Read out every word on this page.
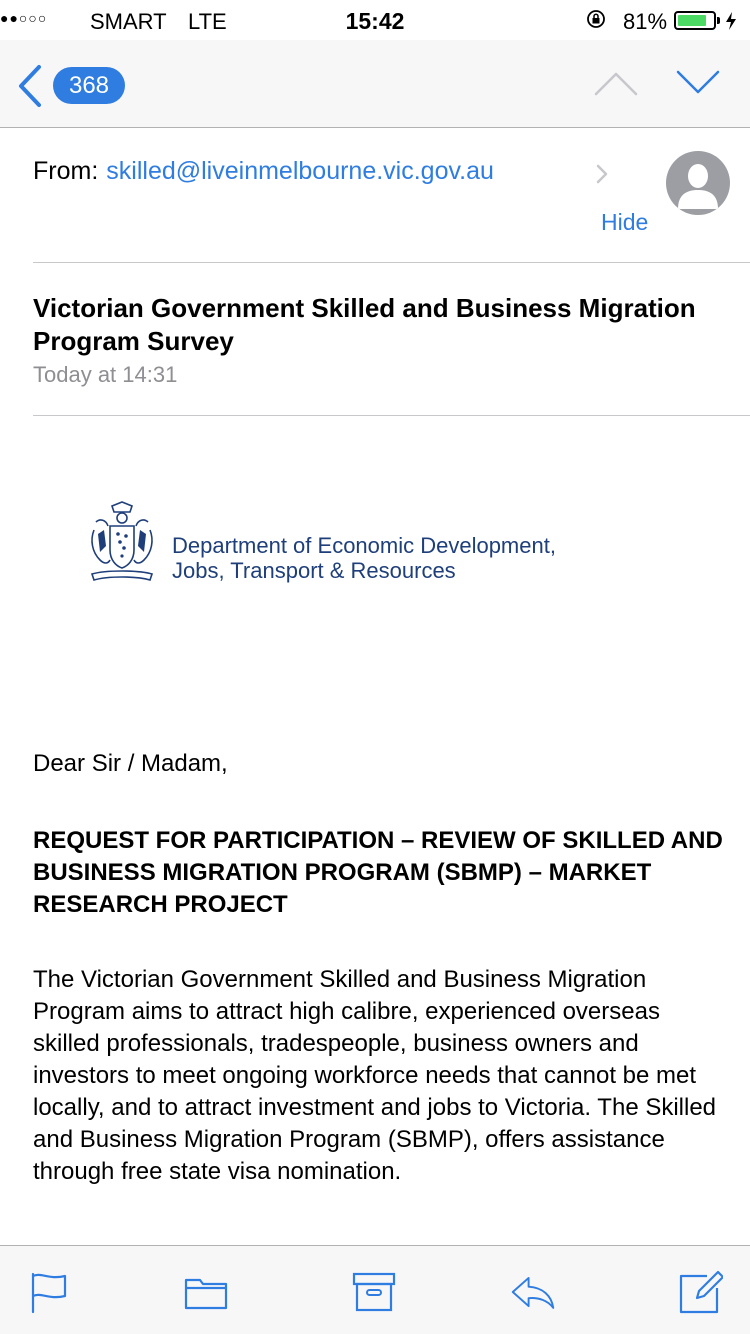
●●○○○ SMART LTE	15:42	81%
368
From: skilled@liveinmelbourne.vic.gov.au
Hide
Victorian Government Skilled and Business Migration Program Survey
Today at 14:31
Department of Economic Development,
Jobs, Transport & Resources
Dear Sir / Madam,
REQUEST FOR PARTICIPATION – REVIEW OF SKILLED AND BUSINESS MIGRATION PROGRAM (SBMP) – MARKET RESEARCH PROJECT
The Victorian Government Skilled and Business Migration Program aims to attract high calibre, experienced overseas skilled professionals, tradespeople, business owners and investors to meet ongoing workforce needs that cannot be met locally, and to attract investment and jobs to Victoria. The Skilled and Business Migration Program (SBMP), offers assistance through free state visa nomination.
